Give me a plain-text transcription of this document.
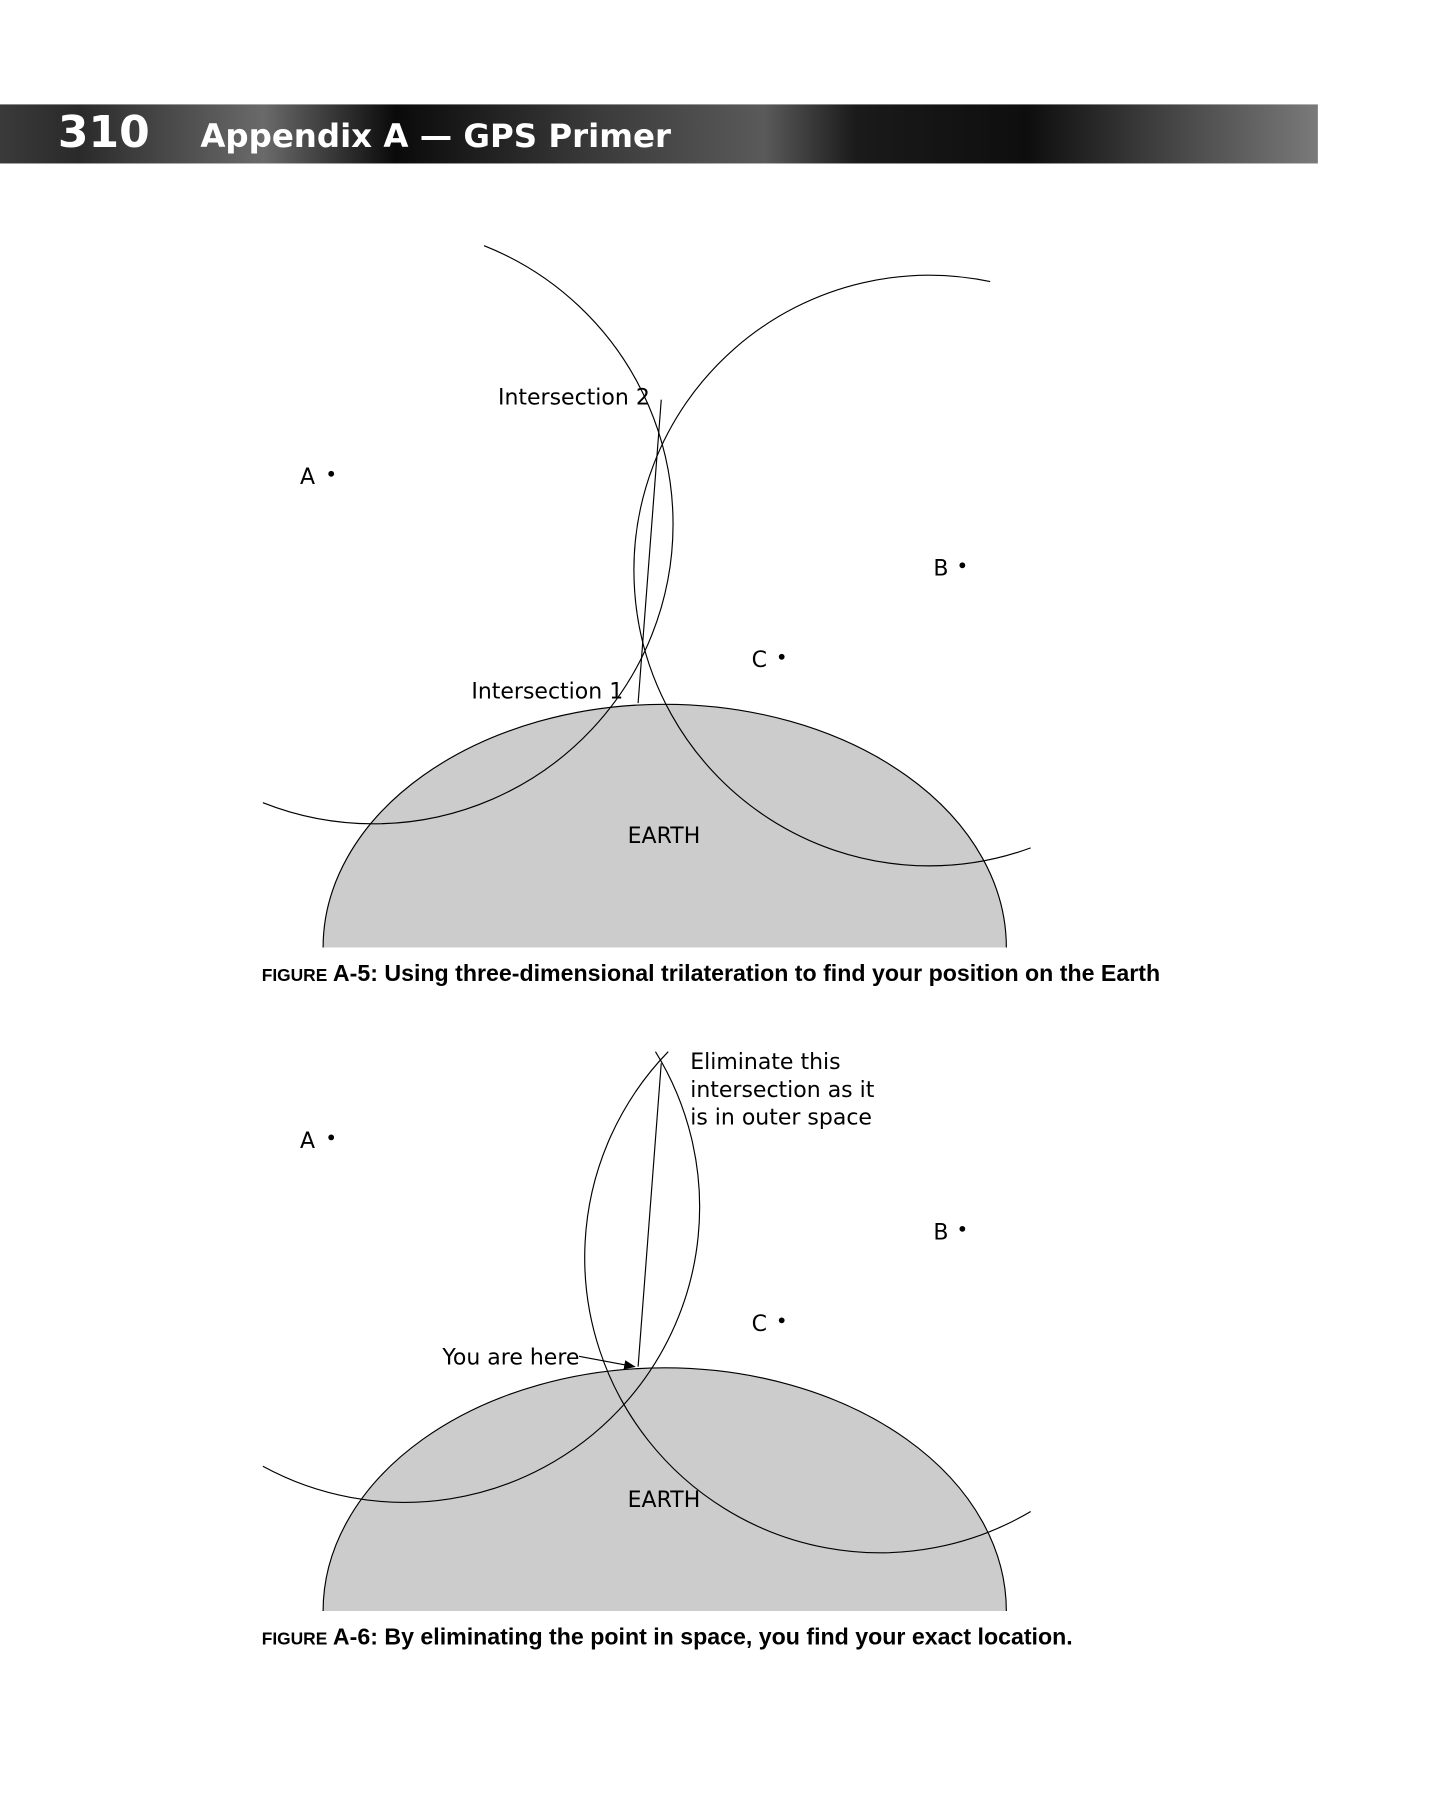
310 Appendix A — GPS Primer
Intersection 2
Intersection 1
A
B
C
EARTH
FIGURE A-5: Using three-dimensional trilateration to find your position on the Earth
Eliminate this
intersection as it
is in outer space
A
B
C
You are here
EARTH
FIGURE A-6: By eliminating the point in space, you find your exact location.
